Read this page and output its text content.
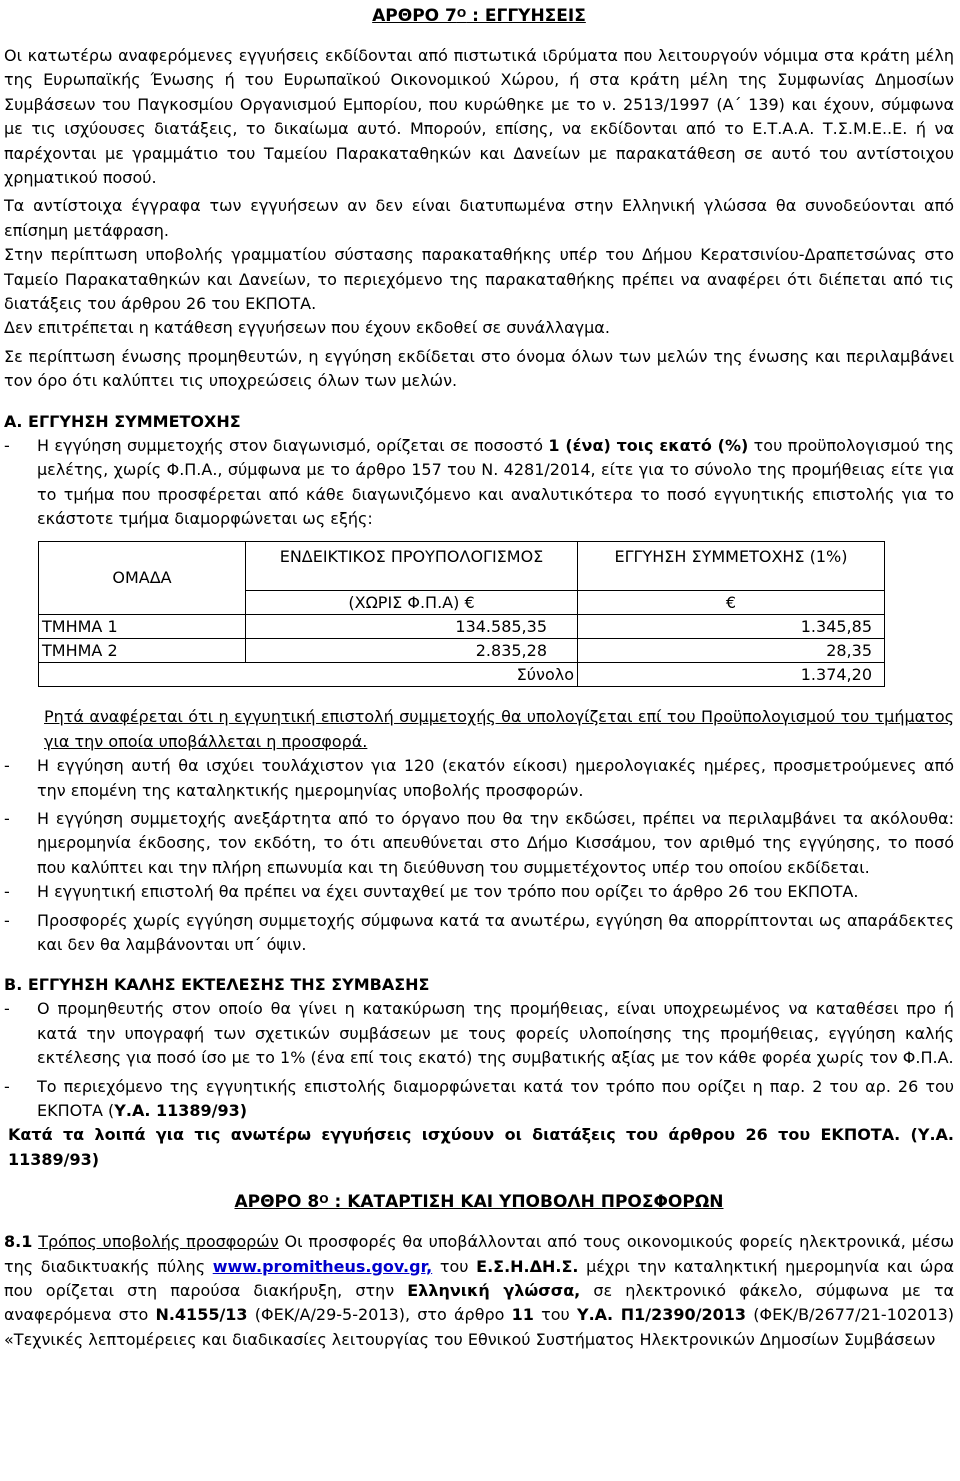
ΑΡΘΡΟ $7^O$ : ΕΓΓΥΗΣΕΙΣ

Οι κατωτέρω αναφερόμενες εγγυήσεις εκδίδονται από πιστωτικά ιδρύματα που λειτουργούν νόμιμα στα κράτη μέλη της Ευρωπαϊκής Ένωσης ή του Ευρωπαϊκού Οικονομικού Χώρου, ή στα κράτη μέλη της Συμφωνίας Δημοσίων Συμβάσεων του Παγκοσμίου Οργανισμού Εμπορίου, που κυρώθηκε με το ν. 2513/1997 (Α΄ 139) και έχουν, σύμφωνα με τις ισχύουσες διατάξεις, το δικαίωμα αυτό. Μπορούν, επίσης, να εκδίδονται από το Ε.Τ.Α.Α. Τ.Σ.Μ.Ε..Ε. ή να παρέχονται με γραμμάτιο του Ταμείου Παρακαταθηκών και Δανείων με παρακατάθεση σε αυτό του αντίστοιχου χρηματικού ποσού.

Τα αντίστοιχα έγγραφα των εγγυήσεων αν δεν είναι διατυπωμένα στην Ελληνική γλώσσα θα συνοδεύονται από επίσημη μετάφραση.

Στην περίπτωση υποβολής γραμματίου σύστασης παρακαταθήκης υπέρ του Δήμου Κερατσινίου-Δραπετσώνας στο Ταμείο Παρακαταθηκών και Δανείων, το περιεχόμενο της παρακαταθήκης πρέπει να αναφέρει ότι διέπεται από τις διατάξεις του άρθρου 26 του ΕΚΠΟΤΑ.

Δεν επιτρέπεται η κατάθεση εγγυήσεων που έχουν εκδοθεί σε συνάλλαγμα.

Σε περίπτωση ένωσης προμηθευτών, η εγγύηση εκδίδεται στο όνομα όλων των μελών της ένωσης και περιλαμβάνει τον όρο ότι καλύπτει τις υποχρεώσεις όλων των μελών.

Α. ΕΓΓΥΗΣΗ ΣΥΜΜΕΤΟΧΗΣ

-	Η εγγύηση συμμετοχής στον διαγωνισμό, ορίζεται σε ποσοστό 1 (ένα) τοις εκατό (%) του προϋπολογισμού της μελέτης, χωρίς Φ.Π.Α., σύμφωνα με το άρθρο 157 του Ν. 4281/2014, είτε για το σύνολο της προμήθειας είτε για το τμήμα που προσφέρεται από κάθε διαγωνιζόμενο και αναλυτικότερα το ποσό εγγυητικής επιστολής για το εκάστοτε τμήμα διαμορφώνεται ως εξής:

ΟΜΑΔΑ	ΕΝΔΕΙΚΤΙΚΟΣ ΠΡΟΥΠΟΛΟΓΙΣΜΟΣ	ΕΓΓΥΗΣΗ ΣΥΜΜΕΤΟΧΗΣ (1%)
	(ΧΩΡΙΣ Φ.Π.Α) €	€
ΤΜΗΜΑ 1	134.585,35	1.345,85
ΤΜΗΜΑ 2	2.835,28	28,35
Σύνολο		1.374,20

Ρητά αναφέρεται ότι η εγγυητική επιστολή συμμετοχής θα υπολογίζεται επί του Προϋπολογισμού του τμήματος για την οποία υποβάλλεται η προσφορά.

-	Η εγγύηση αυτή θα ισχύει τουλάχιστον για 120 (εκατόν είκοσι) ημερολογιακές ημέρες, προσμετρούμενες από την επομένη της καταληκτικής ημερομηνίας υποβολής προσφορών.

-	Η εγγύηση συμμετοχής ανεξάρτητα από το όργανο που θα την εκδώσει, πρέπει να περιλαμβάνει τα ακόλουθα: ημερομηνία έκδοσης, τον εκδότη, το ότι απευθύνεται στο Δήμο Κισσάμου, τον αριθμό της εγγύησης, το ποσό που καλύπτει και την πλήρη επωνυμία και τη διεύθυνση του συμμετέχοντος υπέρ του οποίου εκδίδεται.

-	Η εγγυητική επιστολή θα πρέπει να έχει συνταχθεί με τον τρόπο που ορίζει το άρθρο 26 του ΕΚΠΟΤΑ.

-	Προσφορές χωρίς εγγύηση συμμετοχής σύμφωνα κατά τα ανωτέρω, εγγύηση θα απορρίπτονται ως απαράδεκτες και δεν θα λαμβάνονται υπ΄ όψιν.

Β. ΕΓΓΥΗΣΗ ΚΑΛΗΣ ΕΚΤΕΛΕΣΗΣ ΤΗΣ ΣΥΜΒΑΣΗΣ

-	Ο προμηθευτής στον οποίο θα γίνει η κατακύρωση της προμήθειας, είναι υποχρεωμένος να καταθέσει προ ή κατά την υπογραφή των σχετικών συμβάσεων με τους φορείς υλοποίησης της προμήθειας, εγγύηση καλής εκτέλεσης για ποσό ίσο με το 1% (ένα επί τοις εκατό) της συμβατικής αξίας με τον κάθε φορέα χωρίς τον Φ.Π.Α.

-	Το περιεχόμενο της εγγυητικής επιστολής διαμορφώνεται κατά τον τρόπο που ορίζει η παρ. 2 του αρ. 26 του ΕΚΠΟΤΑ (Υ.Α. 11389/93)

Κατά τα λοιπά για τις ανωτέρω εγγυήσεις ισχύουν οι διατάξεις του άρθρου 26 του ΕΚΠΟΤΑ. (Υ.Α. 11389/93)

ΑΡΘΡΟ $8^O$ : ΚΑΤΑΡΤΙΣΗ ΚΑΙ ΥΠΟΒΟΛΗ ΠΡΟΣΦΟΡΩΝ

8.1 Τρόπος υποβολής προσφορών Οι προσφορές θα υποβάλλονται από τους οικονομικούς φορείς ηλεκτρονικά, μέσω της διαδικτυακής πύλης www.promitheus.gov.gr, του Ε.Σ.Η.ΔΗ.Σ. μέχρι την καταληκτική ημερομηνία και ώρα που ορίζεται στη παρούσα διακήρυξη, στην Ελληνική γλώσσα, σε ηλεκτρονικό φάκελο, σύμφωνα με τα αναφερόμενα στο Ν.4155/13 (ΦΕΚ/Α/29-5-2013), στο άρθρο 11 του Υ.Α. Π1/2390/2013 (ΦΕΚ/Β/2677/21-102013) «Τεχνικές λεπτομέρειες και διαδικασίες λειτουργίας του Εθνικού Συστήματος Ηλεκτρονικών Δημοσίων Συμβάσεων
